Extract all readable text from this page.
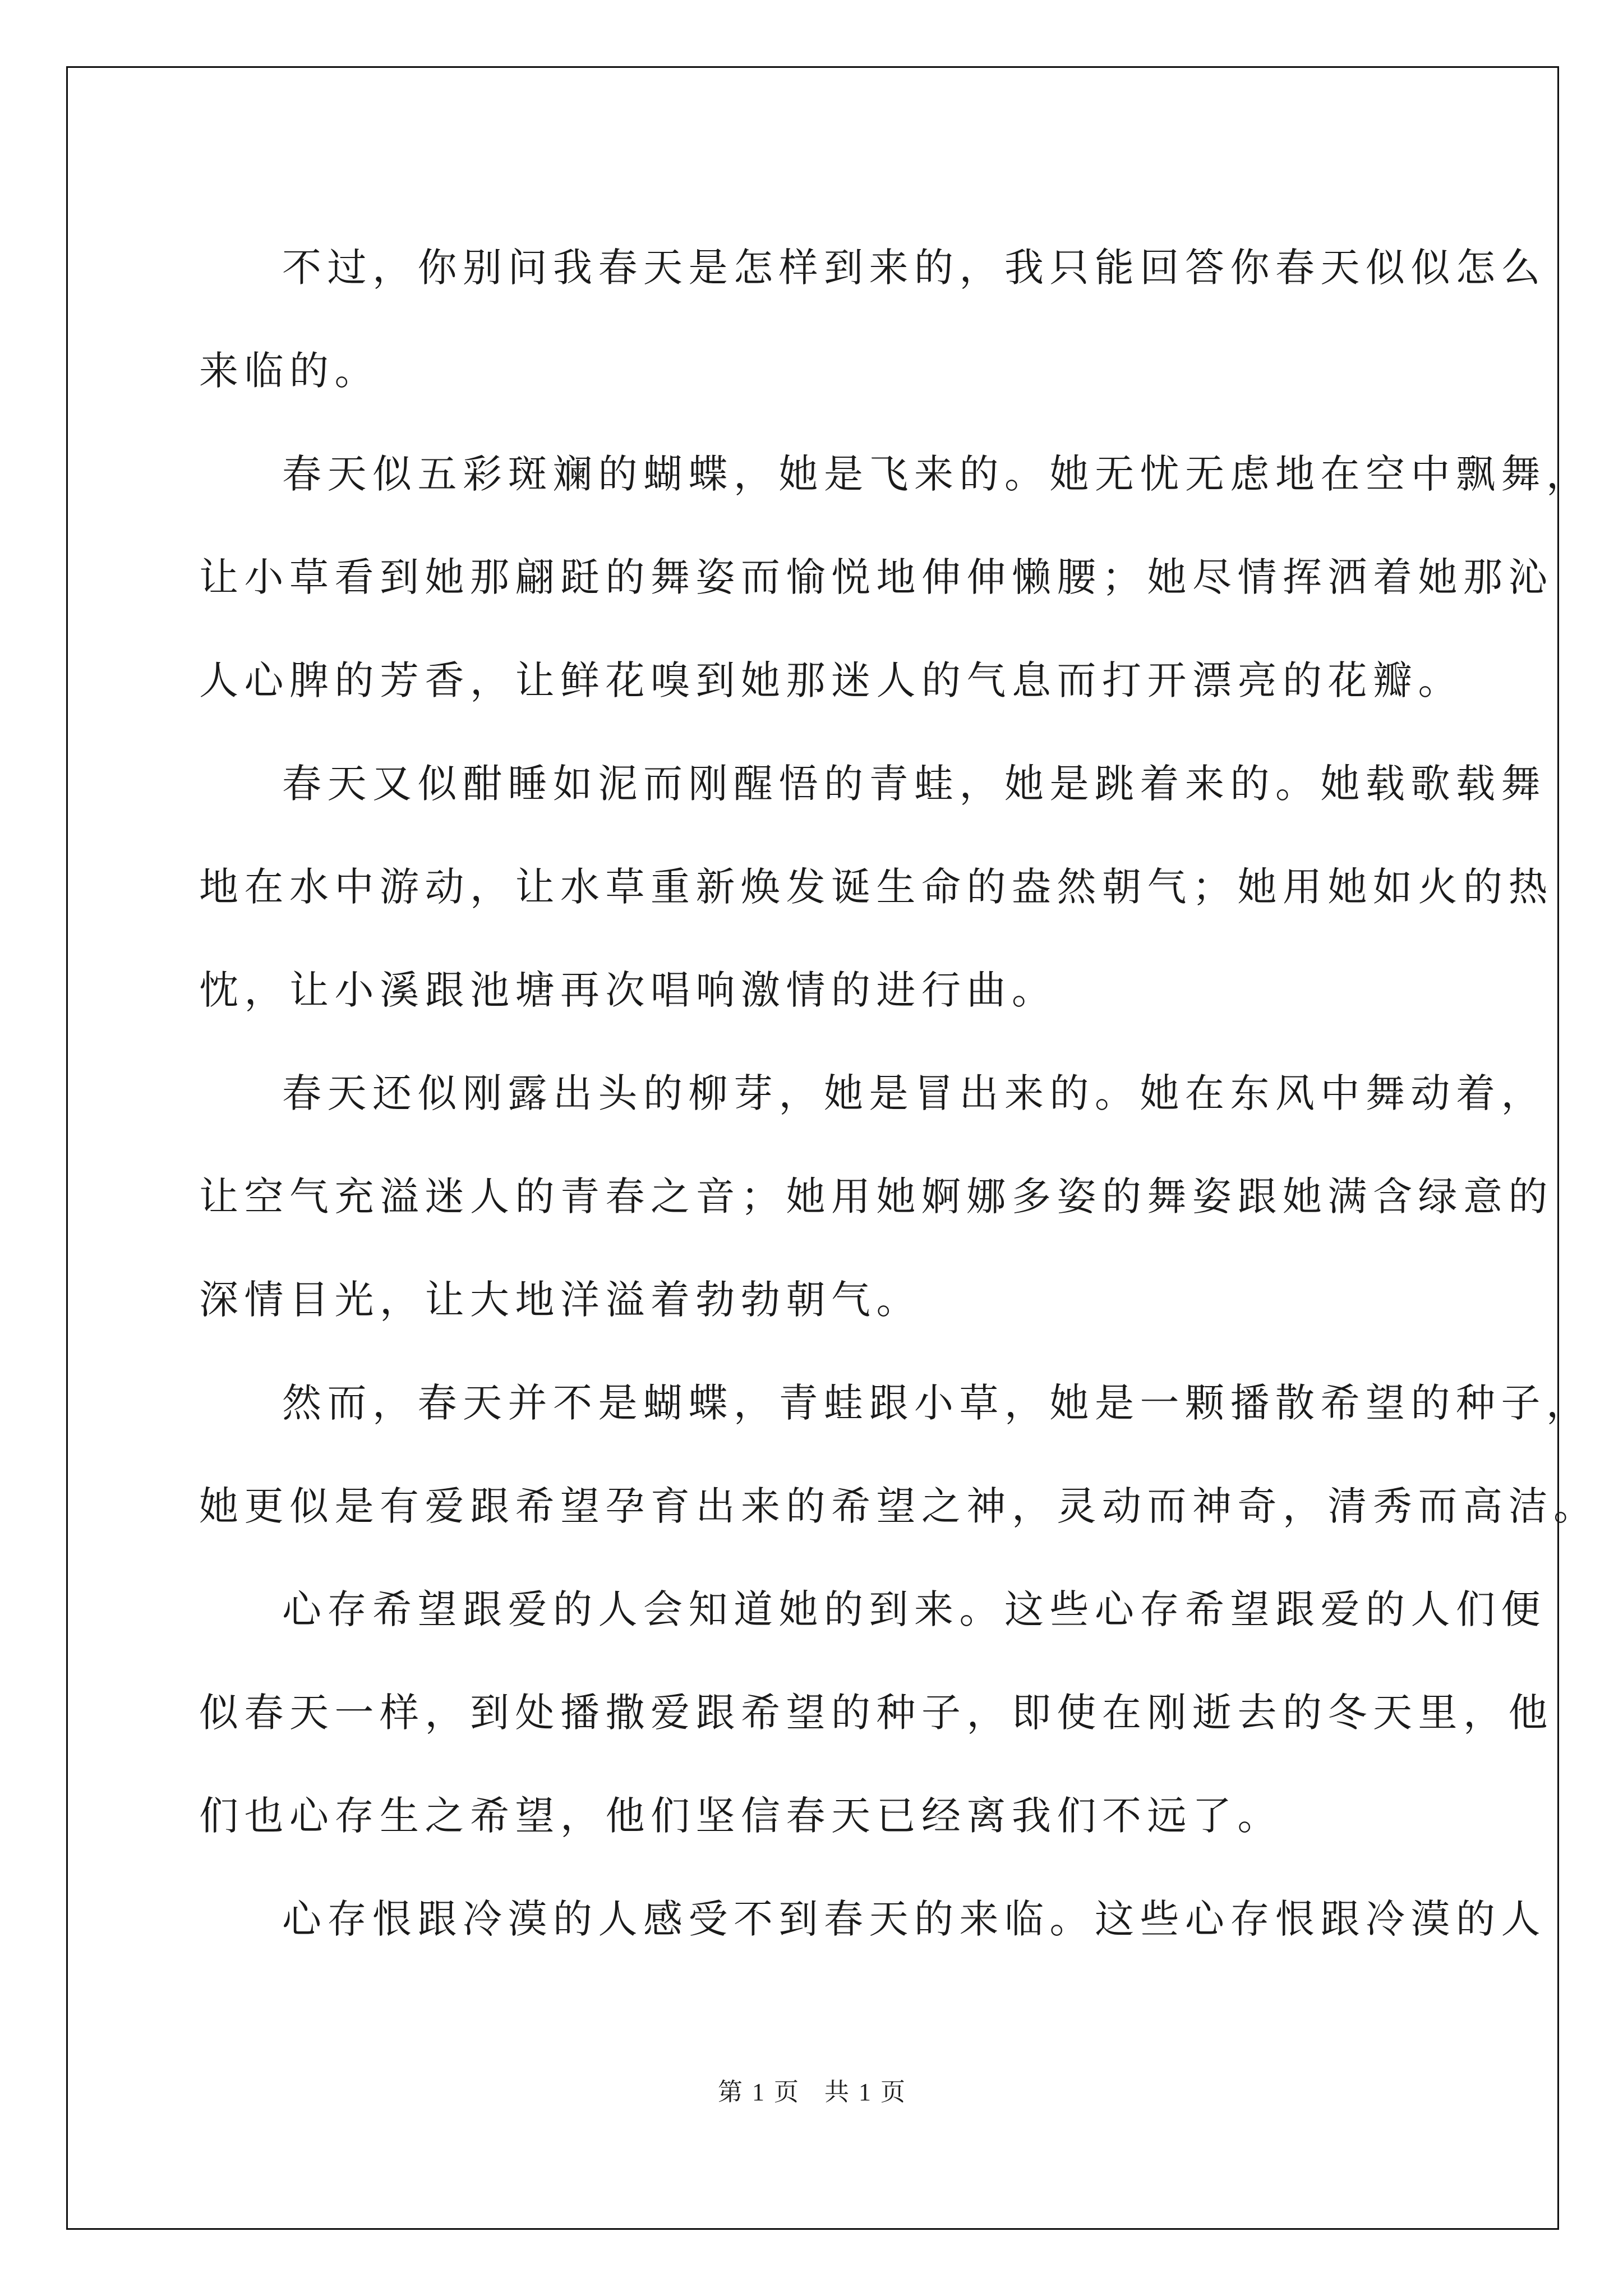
不过，你别问我春天是怎样到来的，我只能回答你春天似似怎么
来临的。
春天似五彩斑斓的蝴蝶，她是飞来的。她无忧无虑地在空中飘舞，
让小草看到她那翩跹的舞姿而愉悦地伸伸懒腰；她尽情挥洒着她那沁
人心脾的芳香，让鲜花嗅到她那迷人的气息而打开漂亮的花瓣。
春天又似酣睡如泥而刚醒悟的青蛙，她是跳着来的。她载歌载舞
地在水中游动，让水草重新焕发诞生命的盎然朝气；她用她如火的热
忱，让小溪跟池塘再次唱响激情的进行曲。
春天还似刚露出头的柳芽，她是冒出来的。她在东风中舞动着，
让空气充溢迷人的青春之音；她用她婀娜多姿的舞姿跟她满含绿意的
深情目光，让大地洋溢着勃勃朝气。
然而，春天并不是蝴蝶，青蛙跟小草，她是一颗播散希望的种子，
她更似是有爱跟希望孕育出来的希望之神，灵动而神奇，清秀而高洁。
心存希望跟爱的人会知道她的到来。这些心存希望跟爱的人们便
似春天一样，到处播撒爱跟希望的种子，即使在刚逝去的冬天里，他
们也心存生之希望，他们坚信春天已经离我们不远了。
心存恨跟冷漠的人感受不到春天的来临。这些心存恨跟冷漠的人
第 1 页 共 1 页
